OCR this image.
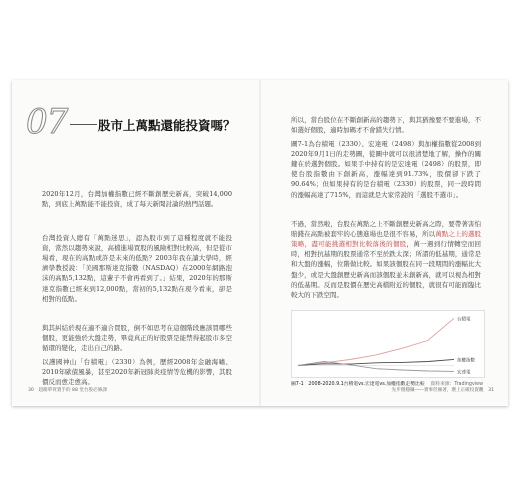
07 股市上萬點還能投資嗎？

2020年12月，台灣加權指數已經不斷創歷史新高，突破14,000點，到底上萬點能不能投資，成了每天新聞討論的熱門話題。

台灣投資人總有「萬點迷思」，認為股市到了這種程度就不能投資，當然以趨勢來說，高檔進場買股的風險相對比較高，但是從市場看，現在的高點或許是未來的低點？2003年我在讀大學時，經濟學教授說：「美國那斯達克指數（NASDAQ）在2000年網路泡沫的高點5,132點，這輩子不會再看到了。」結果，2020年的那斯達克指數已經來到12,000點，當初的5,132點在現今看來，卻是相對的低點。

與其糾結於現在適不適合買股，倒不如思考在這個階段應該買哪些個股，更能強於大盤走勢，畢竟真正的好股票是能禁得起股市多空循環的變化，走出自己的路。

以護國神山「台積電」（2330）為例，歷經2008年金融海嘯、2010年歐債風暴，甚至2020年新冠肺炎疫情等危機的影響，其股價反而愈走愈高。

30　超簡單買賣手的 88 堂台股必修課

所以，當台股位在不斷創新高的趨勢下，與其猶豫要不要進場，不如選好個股，適時加碼才不會錯失行情。

圖7-1為台積電（2330）、宏達電（2498）與加權指數從2008到2020年9月1日的走勢圖，從圖中就可以很清楚地了解，操作的關鍵在於選對個股。如果手中持有的是宏達電（2498）的股票，即使台股指數由下創新高，漲幅達到91.73%，股價卻下跌了90.64%；但如果持有的是台積電（2330）的股票，同一段時間的漲幅高達了715%，而這就是大家常說的「選股不選市」。

不過，當然啦，台股在萬點之上不斷創歷史新高之際，要帶著害怕賠錢在高點被套牢的心態進場也是很不容易，所以萬點之上的選股策略，盡可能挑選相對比較落後的個股，萬一遇到行情轉空而回時，相對抗基期的股票通常不至於跌太深；所謂的低基期，通常是和大盤的漲幅，位階做比較。如果該個股在同一段期間的漲幅比大盤少，或是大盤創歷史新高而該個股並未創新高，就可以視為相對的低基期。反而是股價在歷史高檔附近的個股，就很有可能面臨比較大的下跌空間。

台積電
加權指數
宏達電
圖7-1　2008-2020.9.1台積電vs.宏達電vs.加權指數走勢比較 資料來源：Tradingview
先步穩穩賺――實事但擁著，選上正確投資觀　31
